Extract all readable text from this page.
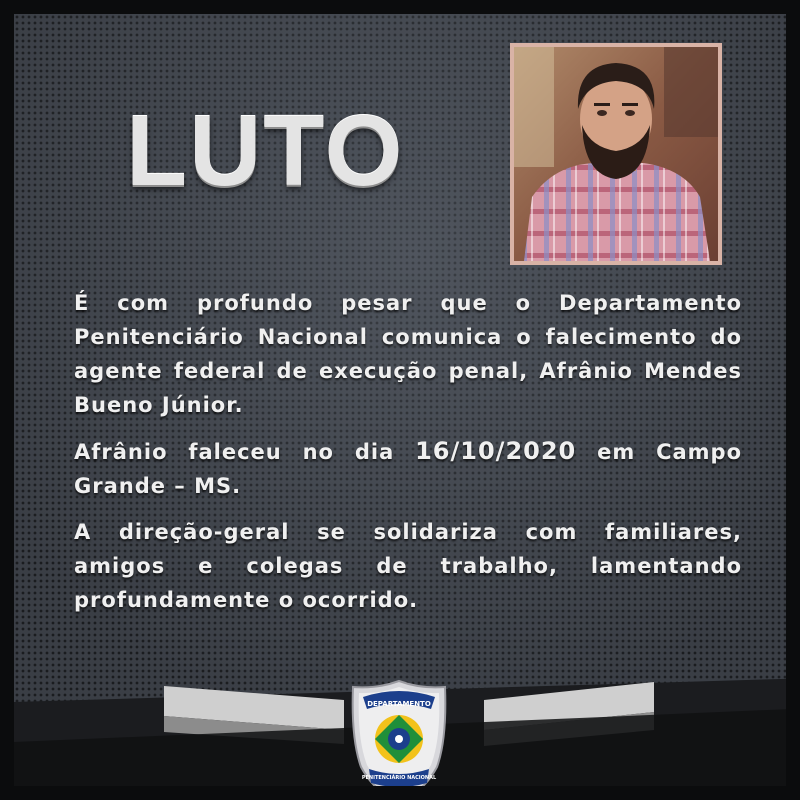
LUTO

É com profundo pesar que o Departamento Penitenciário Nacional comunica o falecimento do agente federal de execução penal, Afrânio Mendes Bueno Júnior.

Afrânio faleceu no dia 16/10/2020 em Campo Grande – MS.

A direção-geral se solidariza com familiares, amigos e colegas de trabalho, lamentando profundamente o ocorrido.

DEPARTAMENTO
PENITENCIÁRIO NACIONAL
